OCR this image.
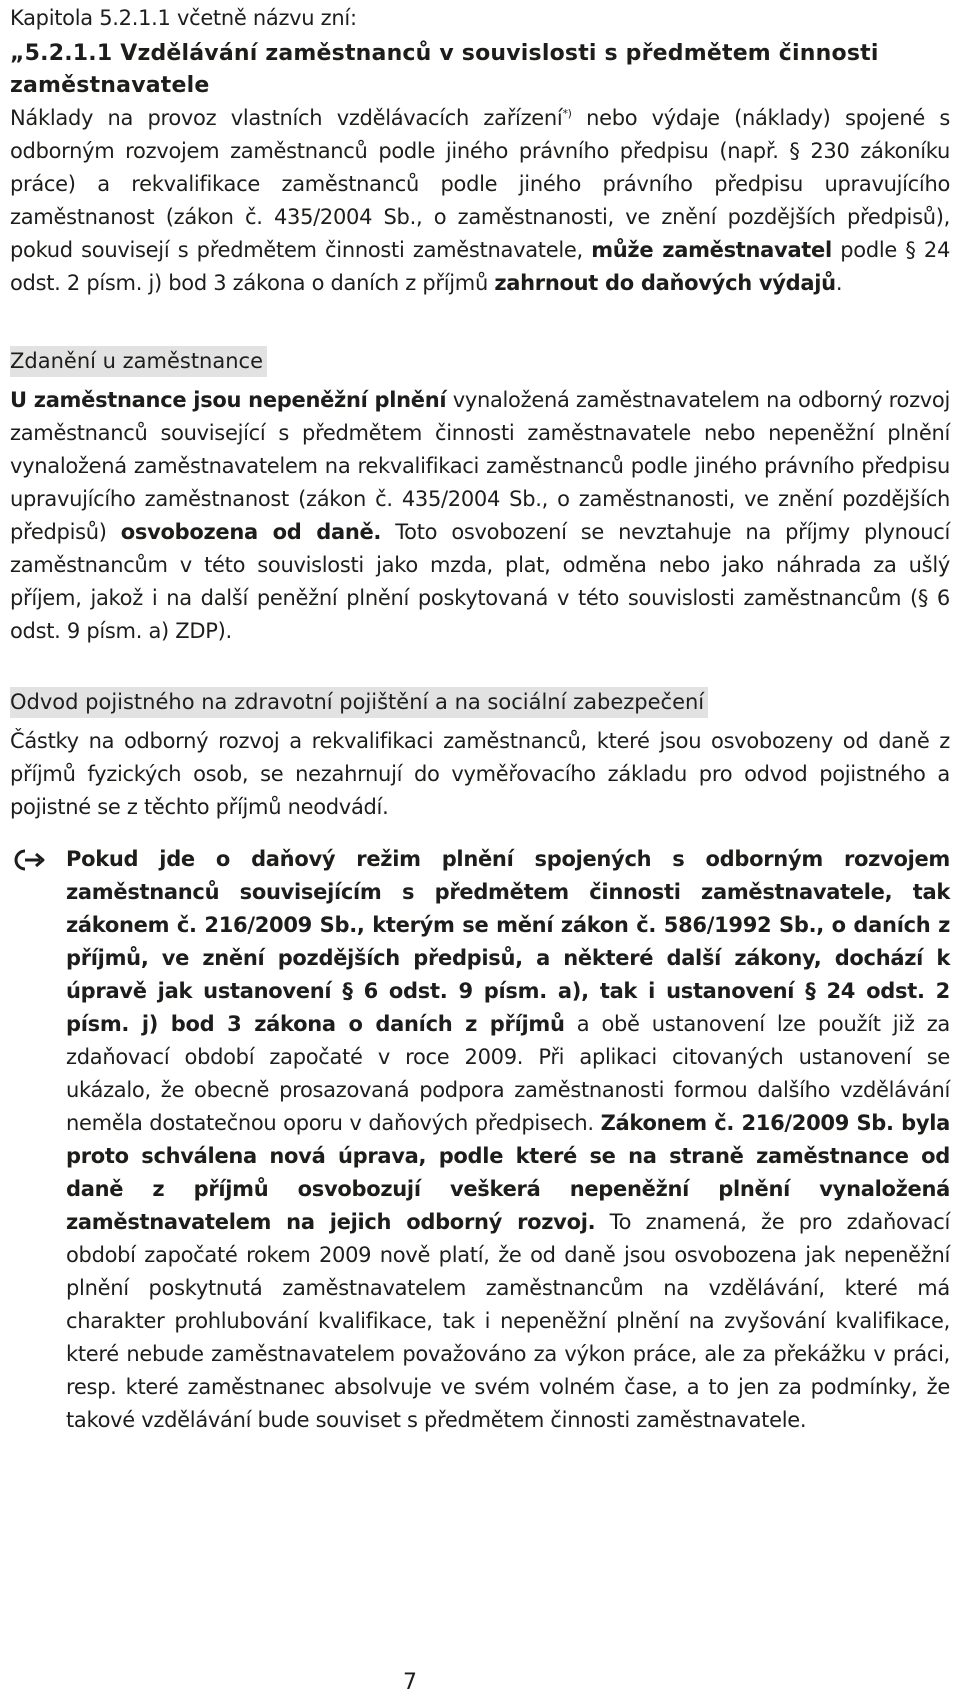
Kapitola 5.2.1.1 včetně názvu zní:

„5.2.1.1 Vzdělávání zaměstnanců v souvislosti s předmětem činnosti zaměstnavatele

Náklady na provoz vlastních vzdělávacích zařízení*) nebo výdaje (náklady) spojené s odborným rozvojem zaměstnanců podle jiného právního předpisu (např. § 230 zákoníku práce) a rekvalifikace zaměstnanců podle jiného právního předpisu upravujícího zaměstnanost (zákon č. 435/2004 Sb., o zaměstnanosti, ve znění pozdějších předpisů), pokud souvisejí s předmětem činnosti zaměstnavatele, může zaměstnavatel podle § 24 odst. 2 písm. j) bod 3 zákona o daních z příjmů zahrnout do daňových výdajů.

Zdanění u zaměstnance

U zaměstnance jsou nepeněžní plnění vynaložená zaměstnavatelem na odborný rozvoj zaměstnanců související s předmětem činnosti zaměstnavatele nebo nepeněžní plnění vynaložená zaměstnavatelem na rekvalifikaci zaměstnanců podle jiného právního předpisu upravujícího zaměstnanost (zákon č. 435/2004 Sb., o zaměstnanosti, ve znění pozdějších předpisů) osvobozena od daně. Toto osvobození se nevztahuje na příjmy plynoucí zaměstnancům v této souvislosti jako mzda, plat, odměna nebo jako náhrada za ušlý příjem, jakož i na další peněžní plnění poskytovaná v této souvislosti zaměstnancům (§ 6 odst. 9 písm. a) ZDP).

Odvod pojistného na zdravotní pojištění a na sociální zabezpečení

Částky na odborný rozvoj a rekvalifikaci zaměstnanců, které jsou osvobozeny od daně z příjmů fyzických osob, se nezahrnují do vyměřovacího základu pro odvod pojistného a pojistné se z těchto příjmů neodvádí.

Pokud jde o daňový režim plnění spojených s odborným rozvojem zaměstnanců souvisejícím s předmětem činnosti zaměstnavatele, tak zákonem č. 216/2009 Sb., kterým se mění zákon č. 586/1992 Sb., o daních z příjmů, ve znění pozdějších předpisů, a některé další zákony, dochází k úpravě jak ustanovení § 6 odst. 9 písm. a), tak i ustanovení § 24 odst. 2 písm. j) bod 3 zákona o daních z příjmů a obě ustanovení lze použít již za zdaňovací období započaté v roce 2009. Při aplikaci citovaných ustanovení se ukázalo, že obecně prosazovaná podpora zaměstnanosti formou dalšího vzdělávání neměla dostatečnou oporu v daňových předpisech. Zákonem č. 216/2009 Sb. byla proto schválena nová úprava, podle které se na straně zaměstnance od daně z příjmů osvobozují veškerá nepeněžní plnění vynaložená zaměstnavatelem na jejich odborný rozvoj. To znamená, že pro zdaňovací období započaté rokem 2009 nově platí, že od daně jsou osvobozena jak nepeněžní plnění poskytnutá zaměstnavatelem zaměstnancům na vzdělávání, které má charakter prohlubování kvalifikace, tak i nepeněžní plnění na zvyšování kvalifikace, které nebude zaměstnavatelem považováno za výkon práce, ale za překážku v práci, resp. které zaměstnanec absolvuje ve svém volném čase, a to jen za podmínky, že takové vzdělávání bude souviset s předmětem činnosti zaměstnavatele.

7
